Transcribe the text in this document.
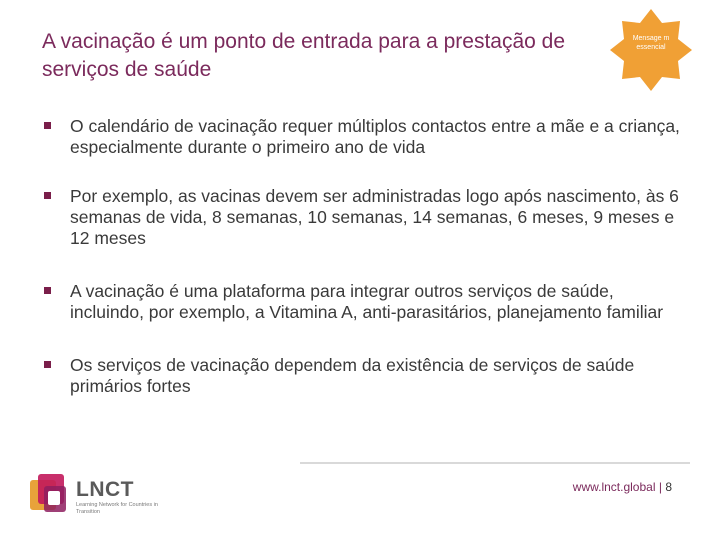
A vacinação é um ponto de entrada para a prestação de serviços de saúde
Mensage m essencial
O calendário de vacinação requer múltiplos contactos entre a mãe e a criança, especialmente durante o primeiro ano de vida
Por exemplo, as vacinas devem ser administradas logo após nascimento, às 6 semanas de vida, 8 semanas, 10 semanas, 14 semanas, 6 meses, 9 meses e 12 meses
A vacinação é uma plataforma para integrar outros serviços de saúde, incluindo, por exemplo, a Vitamina A, anti-parasitários, planejamento familiar
Os serviços de vacinação dependem da existência de serviços de saúde primários fortes
LNCT
Learning Network for Countries in Transition
www.lnct.global | 8
